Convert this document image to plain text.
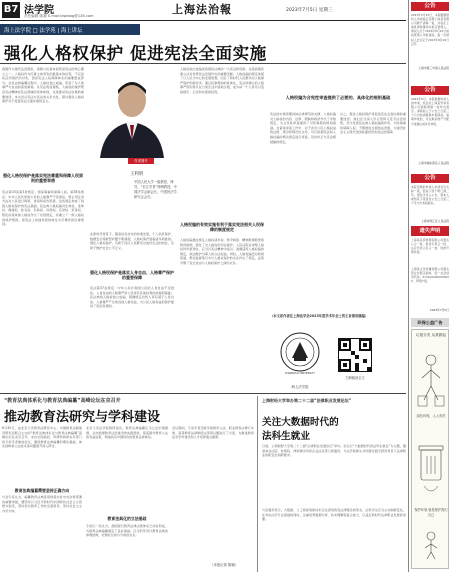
B7 法学院
责任编辑 陈颖 E-mail:lawblog@126.com	上海法治報	2023年7月5日 星期三
海上法学院 □ 法学苑 | 海上讲坛
强化人格权保护 促进宪法全面实施
我国作为现代法治国家，保障公民基本权利是宪法的核心要义之一。人格权作为民事主体享有的最基本的权利，不仅是民法所保护的对象，更是宪法人权保障体系的重要组成部分。在民法典编纂过程中，人格权独立成编，彰显了对人的尊严与自由的高度重视。从宪法角度观察，人格权的保护既是宪法精神在私法领域的具体体现，也是推动宪法实施的重要途径。本文试从宪法与民法的关系出发，探讨强化人格权保护对于促进宪法全面实施的意义。
强化人格权保护是落实宪法尊重和保障人权原则的重要举措
宪法第33条第3款规定：国家尊重和保障人权。第38条规定：中华人民共和国公民的人格尊严不受侵犯。禁止用任何方法对公民进行侮辱、诽谤和诬告陷害。这些规定构成了我国人格权保护的宪法基础。民法典人格权编对生命权、身体权、健康权、姓名权、名称权、肖像权、名誉权、荣誉权、隐私权等具体人格权作出了系统规定，并确立了一般人格权的保护规则，使宪法上的抽象原则转化为可操作的民事规则。
作者简介
王利明
中国人民大学一级教授、博导，“长江学者”特聘教授，中国法学会副会长、中国民法学研究会会长。
在新时代背景下，随着信息技术的快速发展，个人信息保护、数据安全等新型问题不断涌现，人格权保护面临诸多新挑战。强化人格权保护，有助于回应人民群众对美好生活的向往，有助于维护社会公平正义。
强化人格权保护是落实人身自由、人格尊严保护的重要保障
宪法第37条规定：中华人民共和国公民的人身自由不受侵犯。人身自由和人格尊严是公民享有其他权利的前提和基础。民法典将人格权独立成编，明确规定自然人享有基于人身自由、人格尊严产生的其他人格权益，为公民人格权益的保护提供了兜底性规则。
人格权独立成编是我国民法典的一大亮点和创新，也是我国民事立法对世界民法发展作出的重要贡献。人格权编的规定体现了以人民为中心的发展思想，回应了新时代人民群众对人格尊严保护的新需求。通过民事规则的具体化，宪法所确立的人格尊严原则得以在日常生活中落地生根，成为每一个公民可以直接援引、主张和实现的权利。
人格权编的有效实施有利于落实宪法相关人权保障的制度规定
人格权编通过规定人格权请求权、禁令制度、精神损害赔偿等救济措施，强化了对人格权的司法保护。人民法院在审理人格权纠纷案件时，应当以宪法精神为指引，准确适用人格权编的规定，依法维护当事人的合法权益。同时，人格权编还对新闻报道、舆论监督等行为与人格权保护的关系作出了规定，妥善平衡了表达自由与人格权保护之间的关系。
人格权编为合宪性审查提供了必要的、具体化的规则基础
宪法的实施需要具体法律规范的支撑。人格权编对人格权的内容、边界、限制和救济作出了详细规定，为合宪性审查提供了可资参照的规则基础。在备案审查工作中，对于涉及公民人格权益的法规、规章和规范性文件，可以依据宪法和人格权编的相关规定进行审查，及时纠正与宪法相抵触的规定。
总之，强化人格权保护是促进宪法全面实施的重要途径。我们应当深入学习贯彻习近平法治思想，充分发挥民法典人格权编的作用，切实尊重和保障人权，不断推进全面依法治国，为建设社会主义现代化国家提供坚实的法治保障。
（本文系作者在上海法学会2023年度学术年会上的主旨演讲摘编）
SHANGHAI UNIVERSITY
海上法学院
扫码阅读全文
“教育法典体系化与教育法典编纂”高峰论坛在京召开
推动教育法研究与学科建设
6月30日，由北京大学教育法研究中心、中国教育法制建设研究会联合主办的“教育法典体系化与教育法典编纂”高峰论坛在北京召开。来自全国高校、科研机构和实务部门的专家学者参加会议，围绕教育法典编纂的理论基础、体系结构和立法技术等问题展开深入研讨。
教育法典编纂需要坚持正确方向
与会专家认为，编纂教育法典是贯彻落实党中央决策部署的重要举措，要坚持以习近平新时代中国特色社会主义思想为指导，坚持党对教育工作的全面领导，坚持社会主义办学方向。
北京大学法学院教授指出，教育法典编纂应当立足中国国情，总结我国教育法治建设的实践经验，借鉴国外教育立法的有益成果，构建具有中国特色的教育法律体系。
教育法典化的立法基础
专家们一致认为，我国现行教育法律法规体系已初步形成，为教育法典编纂奠定了良好基础。应当科学设计教育法典的体例结构，处理好总则与分则的关系。
会议期间，专家学者还就学前教育立法、职业教育法修订实施、高等教育法律制度完善等议题进行了交流，为推进教育法学学科建设和人才培养建言献策。
（本报记者 陈颖）
上海财经大学举办第二十二届“法律职业发展论坛”
关注大数据时代的
法科生就业
日前，上海财经大学第二十二届“法律职业发展论坛”举办。论坛以“大数据时代的法科生就业”为主题，邀请来自法院、检察院、律师事务所和企业法务部门的嘉宾，与法学院师生共同探讨数字经济背景下法律职业的新变化和新要求。
与会嘉宾表示，大数据、人工智能等新技术正在深刻改变法律服务的形态，法科学生应当主动拥抱变化，在夯实法学专业基础的同时，注重培养数据分析、技术理解等复合能力，以适应新时代法律职业发展的需要。
公告
2023年5月25日，本院根据债权人申请裁定受理上海某有限公司破产清算一案，并指定上海某律师事务所担任管理人。债权人应于2023年8月10日前向管理人申报债权。第一次债权人会议定于2023年8月20日召开。
上海市第三中级人民法院
公告
2023年6月，本院根据申请人的申请，依法对上海某贸易有限公司强制清算一案作出裁定。请债权人于公告之日起三十日内向清算组申报债权，逾期申报的，可在剩余财产分配方案确认前补充申报。
上海市浦东新区人民法院
公告
本院受理的申请人申请宣告失踪一案，经查下落不明已满二年。现发出寻人公告，望本人或知其下落者自公告之日起三个月内与本院联系。
上海市徐汇区人民法院
遗失声明
上海某投资管理有限公司遗失公章一枚、财务专用章一枚、法定代表人私章一枚，特此声明作废。
上海某文化传播有限公司遗失营业执照正副本，统一社会信用代码：9131000000000000，声明作废。
2023年7月5日
环保公益广告
垃圾分类 从我做起
绿色环保，人人有责
保护环境 就是保护我们自己
